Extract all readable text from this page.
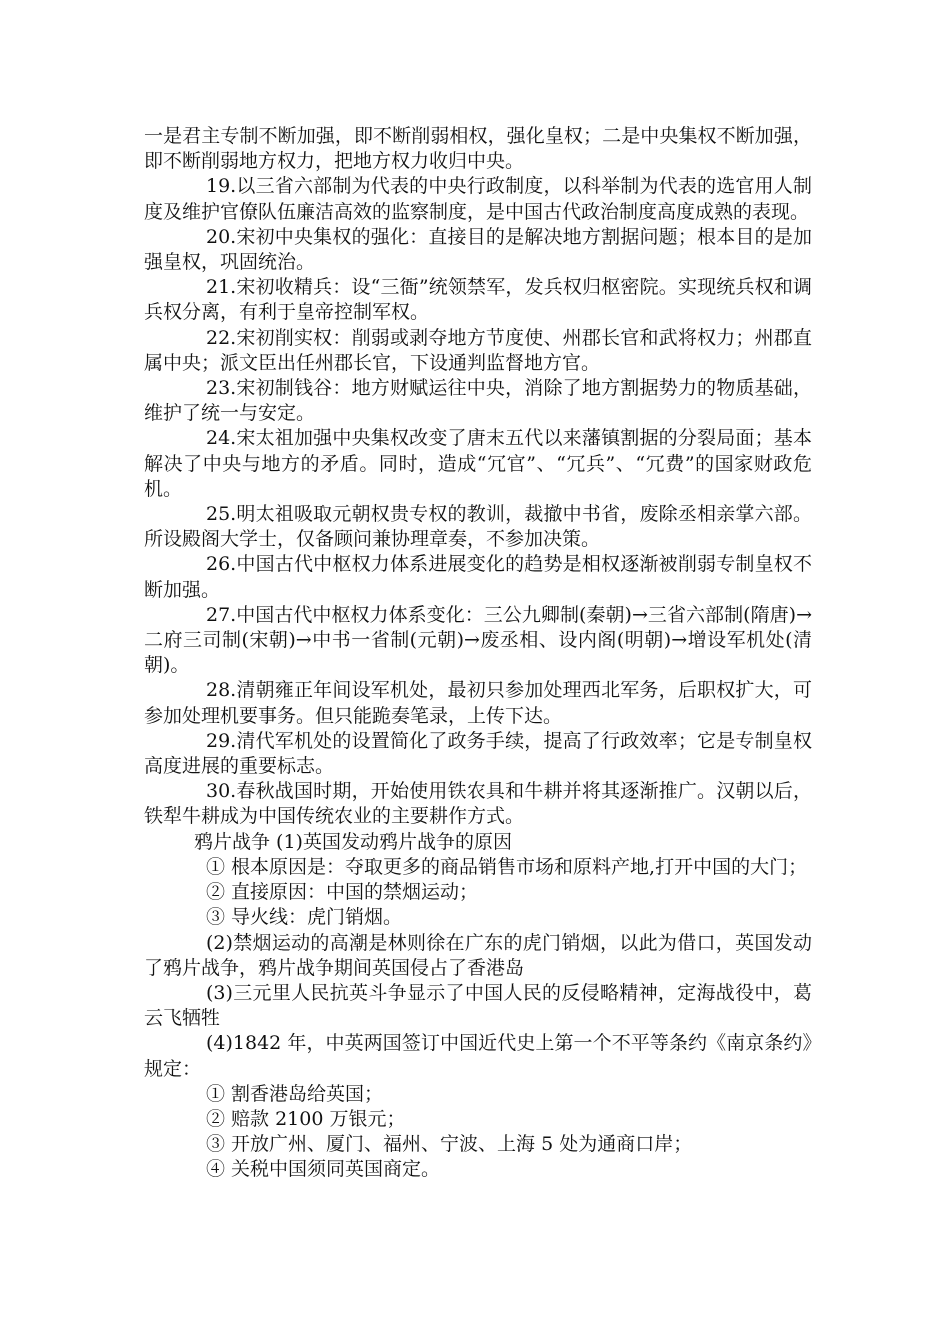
一是君主专制不断加强，即不断削弱相权，强化皇权；二是中央集权不断加强，即不断削弱地方权力，把地方权力收归中央。

19.以三省六部制为代表的中央行政制度，以科举制为代表的选官用人制度及维护官僚队伍廉洁高效的监察制度，是中国古代政治制度高度成熟的表现。

20.宋初中央集权的强化：直接目的是解决地方割据问题；根本目的是加强皇权，巩固统治。

21.宋初收精兵：设“三衙”统领禁军，发兵权归枢密院。实现统兵权和调兵权分离，有利于皇帝控制军权。

22.宋初削实权：削弱或剥夺地方节度使、州郡长官和武将权力；州郡直属中央；派文臣出任州郡长官，下设通判监督地方官。

23.宋初制钱谷：地方财赋运往中央，消除了地方割据势力的物质基础，维护了统一与安定。

24.宋太祖加强中央集权改变了唐末五代以来藩镇割据的分裂局面；基本解决了中央与地方的矛盾。同时，造成“冗官”、“冗兵”、“冗费”的国家财政危机。

25.明太祖吸取元朝权贵专权的教训，裁撤中书省，废除丞相亲掌六部。所设殿阁大学士，仅备顾问兼协理章奏，不参加决策。

26.中国古代中枢权力体系进展变化的趋势是相权逐渐被削弱专制皇权不断加强。

27.中国古代中枢权力体系变化：三公九卿制(秦朝)→三省六部制(隋唐)→二府三司制(宋朝)→中书一省制(元朝)→废丞相、设内阁(明朝)→增设军机处(清朝)。

28.清朝雍正年间设军机处，最初只参加处理西北军务，后职权扩大，可参加处理机要事务。但只能跪奏笔录，上传下达。

29.清代军机处的设置简化了政务手续，提高了行政效率；它是专制皇权高度进展的重要标志。

30.春秋战国时期，开始使用铁农具和牛耕并将其逐渐推广。汉朝以后，铁犁牛耕成为中国传统农业的主要耕作方式。

鸦片战争 (1)英国发动鸦片战争的原因

① 根本原因是：夺取更多的商品销售市场和原料产地,打开中国的大门；

② 直接原因：中国的禁烟运动；

③ 导火线：虎门销烟。

(2)禁烟运动的高潮是林则徐在广东的虎门销烟，以此为借口，英国发动了鸦片战争，鸦片战争期间英国侵占了香港岛

(3)三元里人民抗英斗争显示了中国人民的反侵略精神，定海战役中，葛云飞牺牲

(4)1842 年，中英两国签订中国近代史上第一个不平等条约《南京条约》规定：

① 割香港岛给英国；

② 赔款 2100 万银元；

③ 开放广州、厦门、福州、宁波、上海 5 处为通商口岸；

④ 关税中国须同英国商定。
